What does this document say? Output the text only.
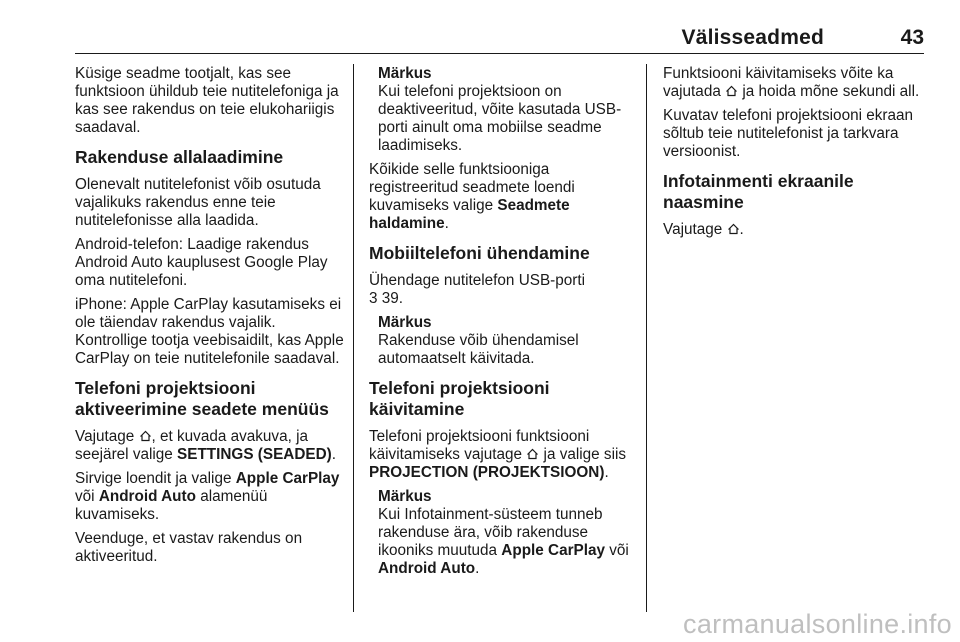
Välisseadmed	43

Küsige seadme tootjalt, kas see funktsioon ühildub teie nutitelefoniga ja kas see rakendus on teie elukohariigis saadaval.

Rakenduse allalaadimine

Olenevalt nutitelefonist võib osutuda vajalikuks rakendus enne teie nutitelefonisse alla laadida.

Android-telefon: Laadige rakendus Android Auto kauplusest Google Play oma nutitelefoni.

iPhone: Apple CarPlay kasutamiseks ei ole täiendav rakendus vajalik. Kontrollige tootja veebisaidilt, kas Apple CarPlay on teie nutitelefonile saadaval.

Telefoni projektsiooni aktiveerimine seadete menüüs

Vajutage , et kuvada avakuva, ja seejärel valige SETTINGS (SEADED).

Sirvige loendit ja valige Apple CarPlay või Android Auto alamenüü kuvamiseks.

Veenduge, et vastav rakendus on aktiveeritud.

Märkus
Kui telefoni projektsioon on deaktiveeritud, võite kasutada USB-porti ainult oma mobiilse seadme laadimiseks.

Kõikide selle funktsiooniga registreeritud seadmete loendi kuvamiseks valige Seadmete haldamine.

Mobiiltelefoni ühendamine

Ühendage nutitelefon USB-porti
3 39.

Märkus
Rakenduse võib ühendamisel automaatselt käivitada.
Telefoni projektsiooni käivitamine

Telefoni projektsiooni funktsiooni käivitamiseks vajutage  ja valige siis PROJECTION (PROJEKTSIOON).

Märkus
Kui Infotainment-süsteem tunneb rakenduse ära, võib rakenduse ikooniks muutuda Apple CarPlay või Android Auto.

Funktsiooni käivitamiseks võite ka vajutada  ja hoida mõne sekundi all.

Kuvatav telefoni projektsiooni ekraan sõltub teie nutitelefonist ja tarkvara versioonist.

Infotainmenti ekraanile naasmine

Vajutage .

carmanualsonline.info
